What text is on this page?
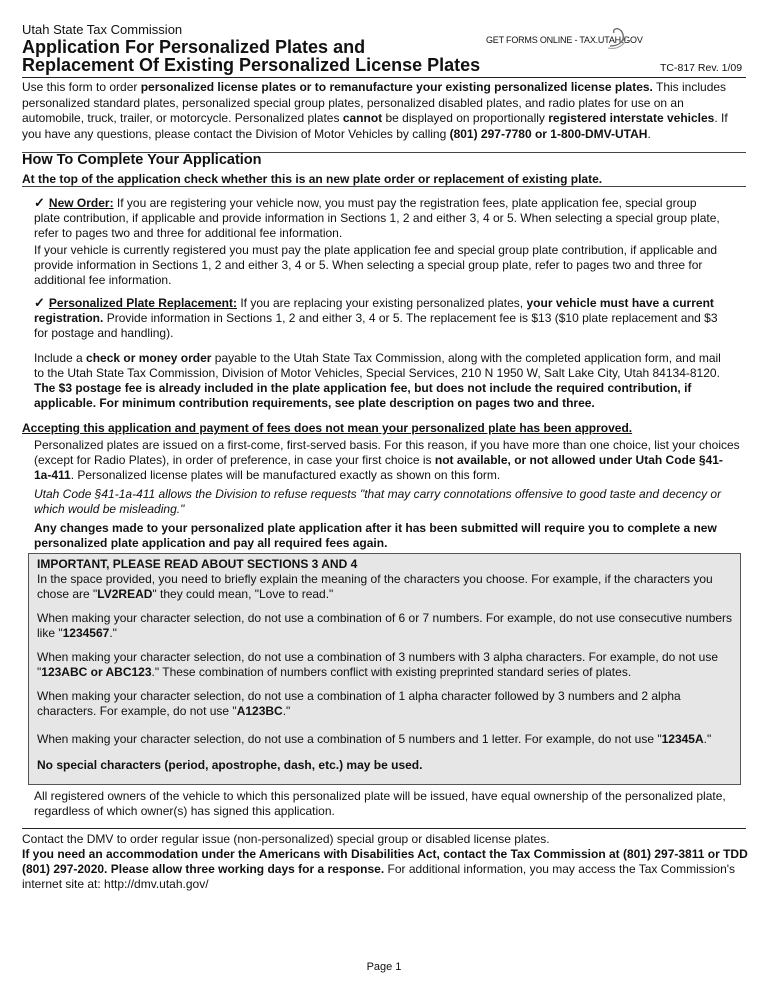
Utah State Tax Commission
Application For Personalized Plates and
Replacement Of Existing Personalized License Plates
GET FORMS ONLINE - TAX.UTAH.GOV
TC-817 Rev. 1/09
Use this form to order personalized license plates or to remanufacture your existing personalized license plates. This includes personalized standard plates, personalized special group plates, personalized disabled plates, and radio plates for use on an automobile, truck, trailer, or motorcycle. Personalized plates cannot be displayed on proportionally registered interstate vehicles. If you have any questions, please contact the Division of Motor Vehicles by calling (801) 297-7780 or 1-800-DMV-UTAH.
How To Complete Your Application
At the top of the application check whether this is an new plate order or replacement of existing plate.
✓ New Order: If you are registering your vehicle now, you must pay the registration fees, plate application fee, special group plate contribution, if applicable and provide information in Sections 1, 2 and either 3, 4 or 5. When selecting a special group plate, refer to pages two and three for additional fee information.
If your vehicle is currently registered you must pay the plate application fee and special group plate contribution, if applicable and provide information in Sections 1, 2 and either 3, 4 or 5. When selecting a special group plate, refer to pages two and three for additional fee information.
✓ Personalized Plate Replacement: If you are replacing your existing personalized plates, your vehicle must have a current registration. Provide information in Sections 1, 2 and either 3, 4 or 5. The replacement fee is $13 ($10 plate replacement and $3 for postage and handling).
Include a check or money order payable to the Utah State Tax Commission, along with the completed application form, and mail to the Utah State Tax Commission, Division of Motor Vehicles, Special Services, 210 N 1950 W, Salt Lake City, Utah 84134-8120. The $3 postage fee is already included in the plate application fee, but does not include the required contribution, if applicable. For minimum contribution requirements, see plate description on pages two and three.
Accepting this application and payment of fees does not mean your personalized plate has been approved.
Personalized plates are issued on a first-come, first-served basis. For this reason, if you have more than one choice, list your choices (except for Radio Plates), in order of preference, in case your first choice is not available, or not allowed under Utah Code §41-1a-411. Personalized license plates will be manufactured exactly as shown on this form.
Utah Code §41-1a-411 allows the Division to refuse requests "that may carry connotations offensive to good taste and decency or which would be misleading."
Any changes made to your personalized plate application after it has been submitted will require you to complete a new personalized plate application and pay all required fees again.

IMPORTANT, PLEASE READ ABOUT SECTIONS 3 AND 4

In the space provided, you need to briefly explain the meaning of the characters you choose. For example, if the characters you chose are "LV2READ" they could mean, "Love to read."

When making your character selection, do not use a combination of 6 or 7 numbers. For example, do not use consecutive numbers like "1234567."

When making your character selection, do not use a combination of 3 numbers with 3 alpha characters. For example, do not use "123ABC or ABC123." These combination of numbers conflict with existing preprinted standard series of plates.

When making your character selection, do not use a combination of 1 alpha character followed by 3 numbers and 2 alpha characters. For example, do not use "A123BC."

When making your character selection, do not use a combination of 5 numbers and 1 letter. For example, do not use "12345A."

No special characters (period, apostrophe, dash, etc.) may be used.

All registered owners of the vehicle to which this personalized plate will be issued, have equal ownership of the personalized plate, regardless of which owner(s) has signed this application.
Contact the DMV to order regular issue (non-personalized) special group or disabled license plates.
If you need an accommodation under the Americans with Disabilities Act, contact the Tax Commission at (801) 297-3811 or TDD (801) 297-2020. Please allow three working days for a response. For additional information, you may access the Tax Commission's internet site at: http://dmv.utah.gov/
Page 1
